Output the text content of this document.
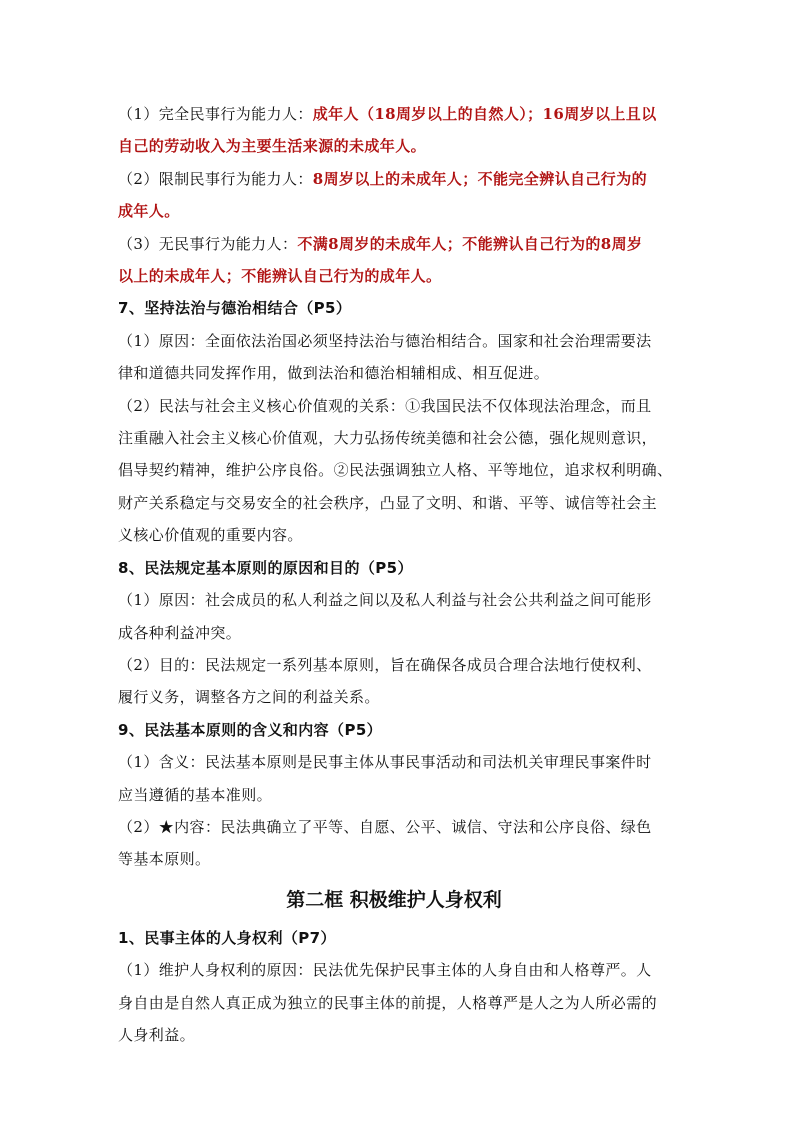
（1）完全民事行为能力人：成年人（18周岁以上的自然人）；16周岁以上且以
自己的劳动收入为主要生活来源的未成年人。
（2）限制民事行为能力人：8周岁以上的未成年人；不能完全辨认自己行为的
成年人。
（3）无民事行为能力人：不满8周岁的未成年人；不能辨认自己行为的8周岁
以上的未成年人；不能辨认自己行为的成年人。
7、坚持法治与德治相结合（P5）
（1）原因：全面依法治国必须坚持法治与德治相结合。国家和社会治理需要法
律和道德共同发挥作用，做到法治和德治相辅相成、相互促进。
（2）民法与社会主义核心价值观的关系：①我国民法不仅体现法治理念，而且
注重融入社会主义核心价值观，大力弘扬传统美德和社会公德，强化规则意识，
倡导契约精神，维护公序良俗。②民法强调独立人格、平等地位，追求权利明确、
财产关系稳定与交易安全的社会秩序，凸显了文明、和谐、平等、诚信等社会主
义核心价值观的重要内容。
8、民法规定基本原则的原因和目的（P5）
（1）原因：社会成员的私人利益之间以及私人利益与社会公共利益之间可能形
成各种利益冲突。
（2）目的：民法规定一系列基本原则，旨在确保各成员合理合法地行使权利、
履行义务，调整各方之间的利益关系。
9、民法基本原则的含义和内容（P5）
（1）含义：民法基本原则是民事主体从事民事活动和司法机关审理民事案件时
应当遵循的基本准则。
（2）★内容：民法典确立了平等、自愿、公平、诚信、守法和公序良俗、绿色
等基本原则。
第二框 积极维护人身权利
1、民事主体的人身权利（P7）
（1）维护人身权利的原因：民法优先保护民事主体的人身自由和人格尊严。人
身自由是自然人真正成为独立的民事主体的前提，人格尊严是人之为人所必需的
人身利益。
